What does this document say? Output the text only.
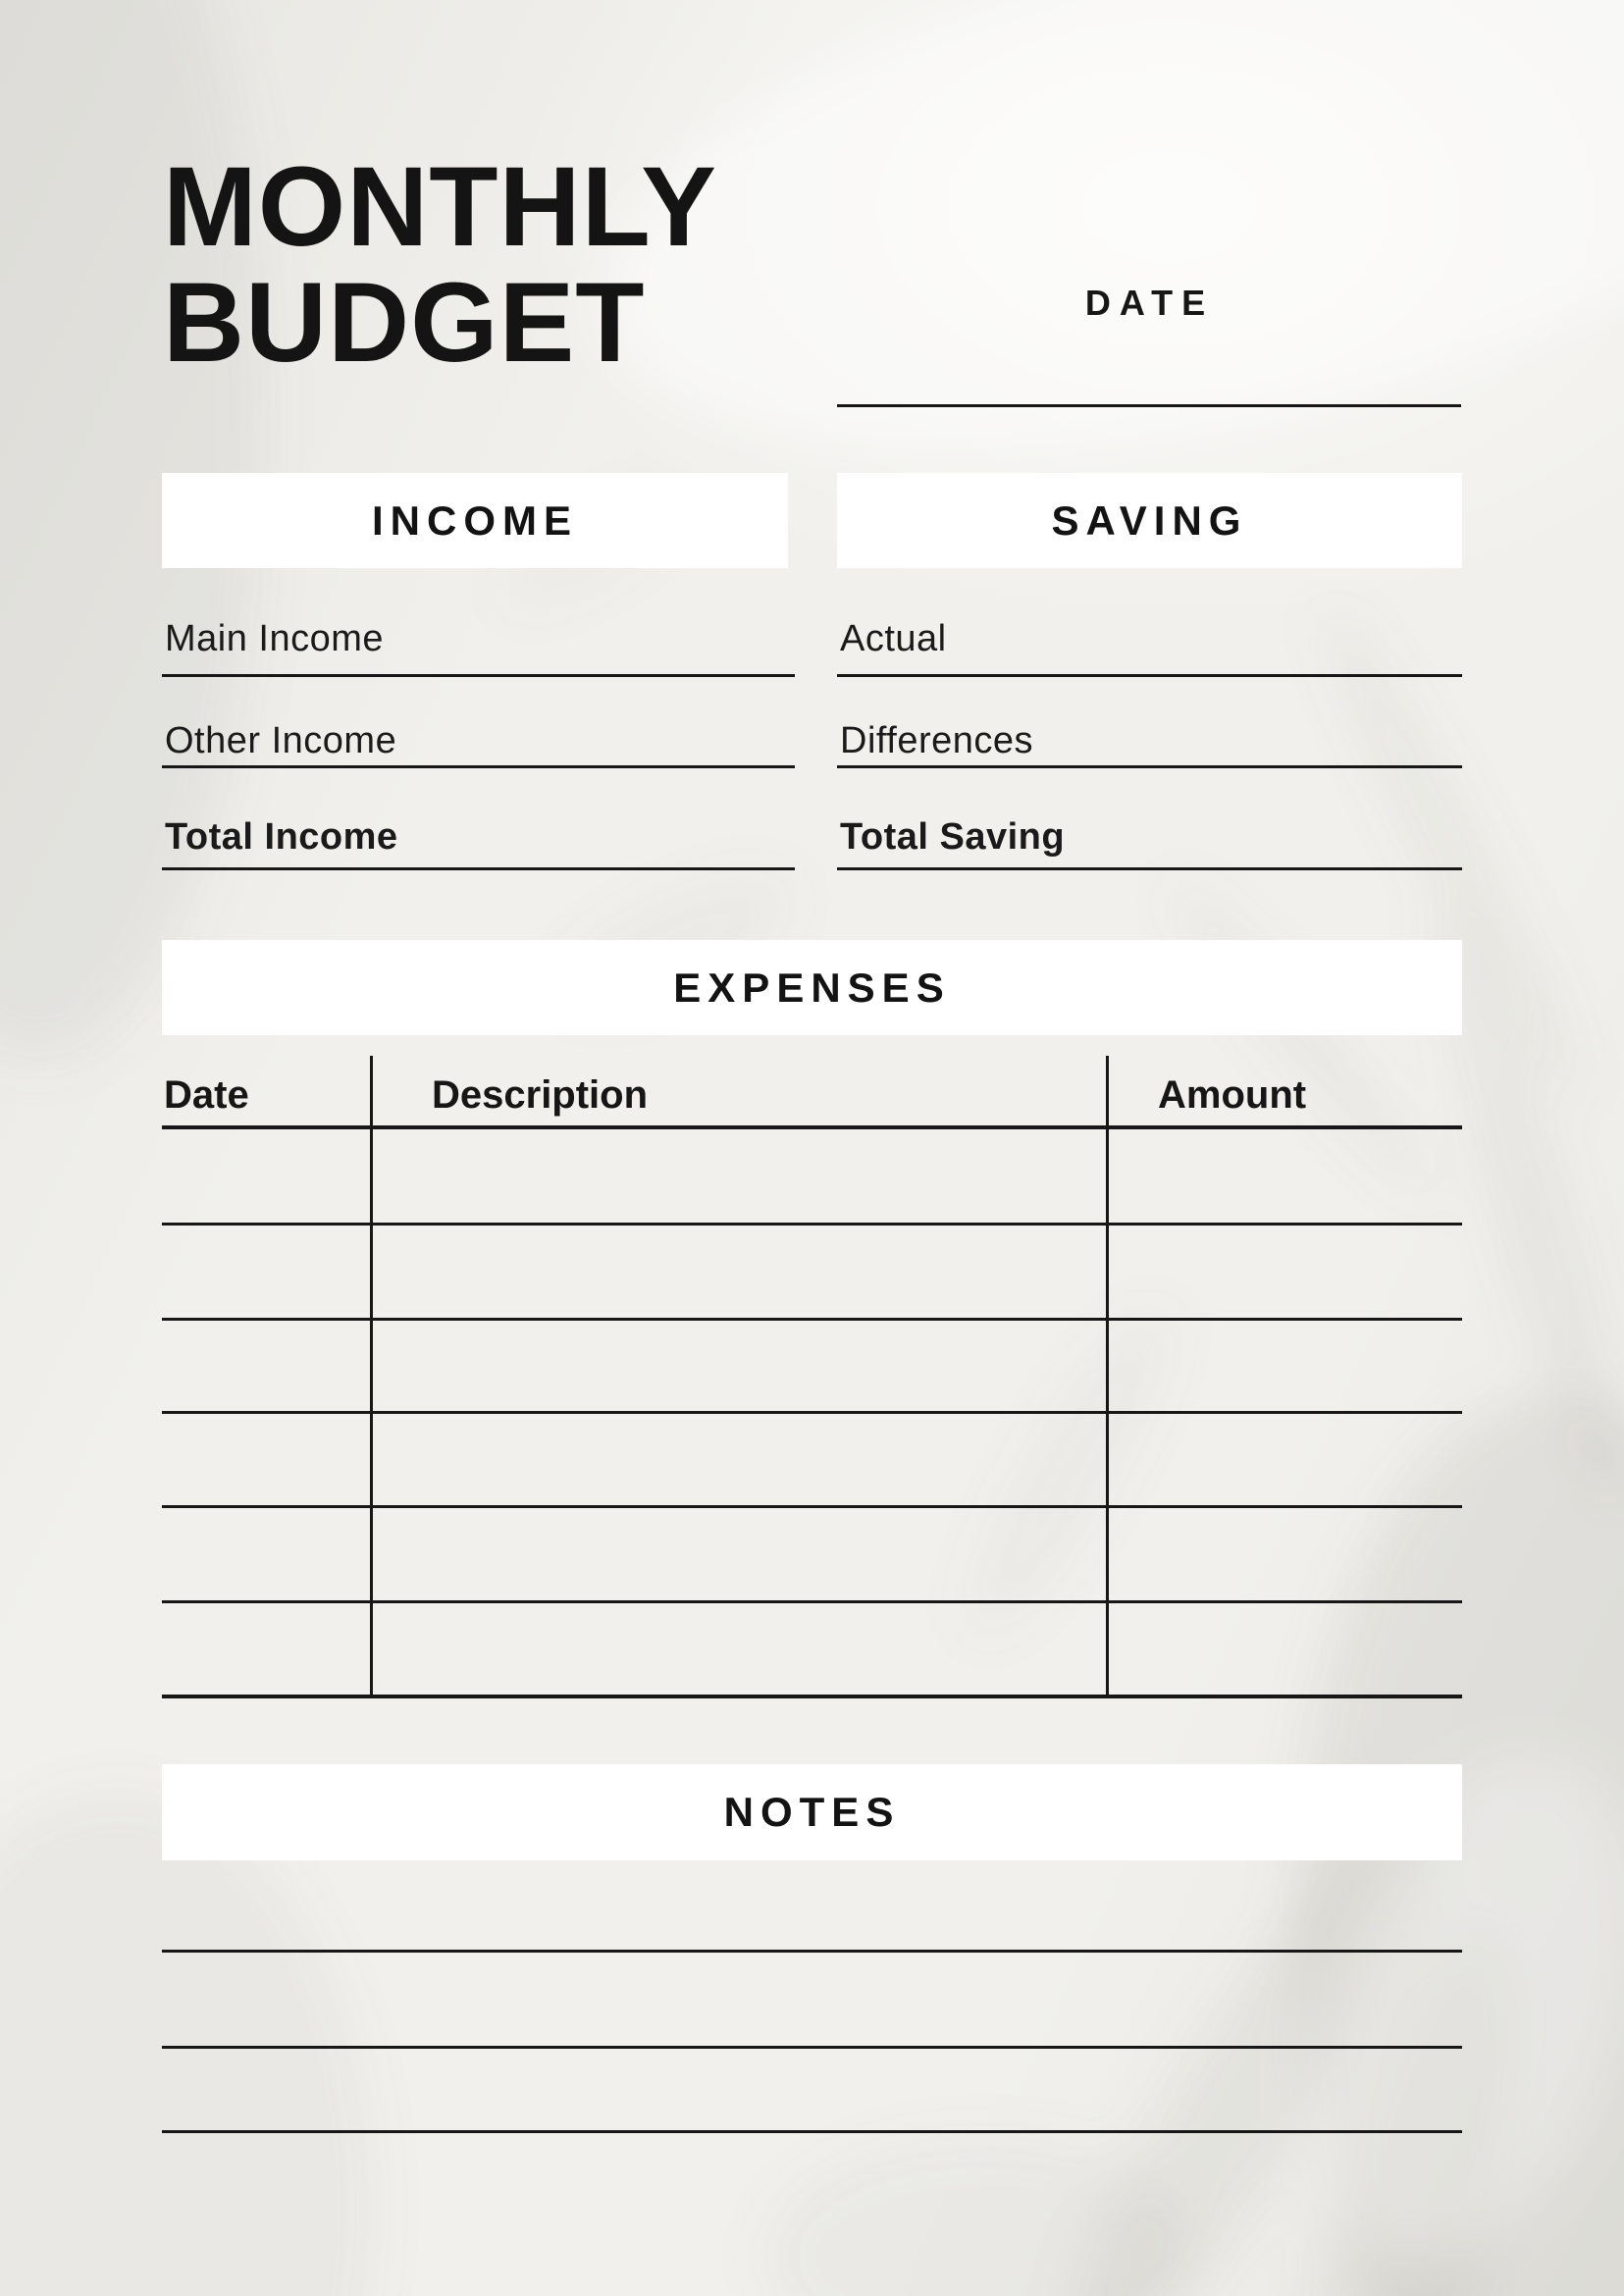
MONTHLY
BUDGET	DATE
INCOME	SAVING
Main Income
Other Income
Total Income
Actual
Differences
Total Saving
EXPENSES
Date	Description	Amount
NOTES
